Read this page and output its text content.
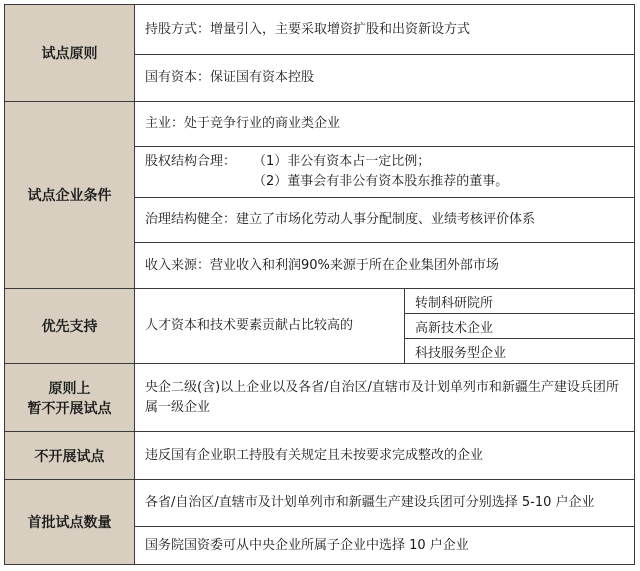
试点原则	持股方式：增量引入，主要采取增资扩股和出资新设方式	
	国有资本：保证国有资本控股	
试点企业条件	主业：处于竞争行业的商业类企业	

	股权结构合理： （1）非公有资本占一定比例；
（2）董事会有非公有资本股东推荐的董事。	

	治理结构健全：建立了市场化劳动人事分配制度、业绩考核评价体系	
	收入来源：营业收入和利润90%来源于所在企业集团外部市场	
优先支持	人才资本和技术要素贡献占比较高的	转制科研院所
		高新技术企业
		科技服务型企业

原则上
暂不开展试点	央企二级(含)以上企业以及各省/自治区/直辖市及计划单列市和新疆生产建设兵团所属一级企业	
不开展试点	违反国有企业职工持股有关规定且未按要求完成整改的企业	
首批试点数量	各省/自治区/直辖市及计划单列市和新疆生产建设兵团可分别选择 5-10 户企业	
	国务院国资委可从中央企业所属子企业中选择 10 户企业	
